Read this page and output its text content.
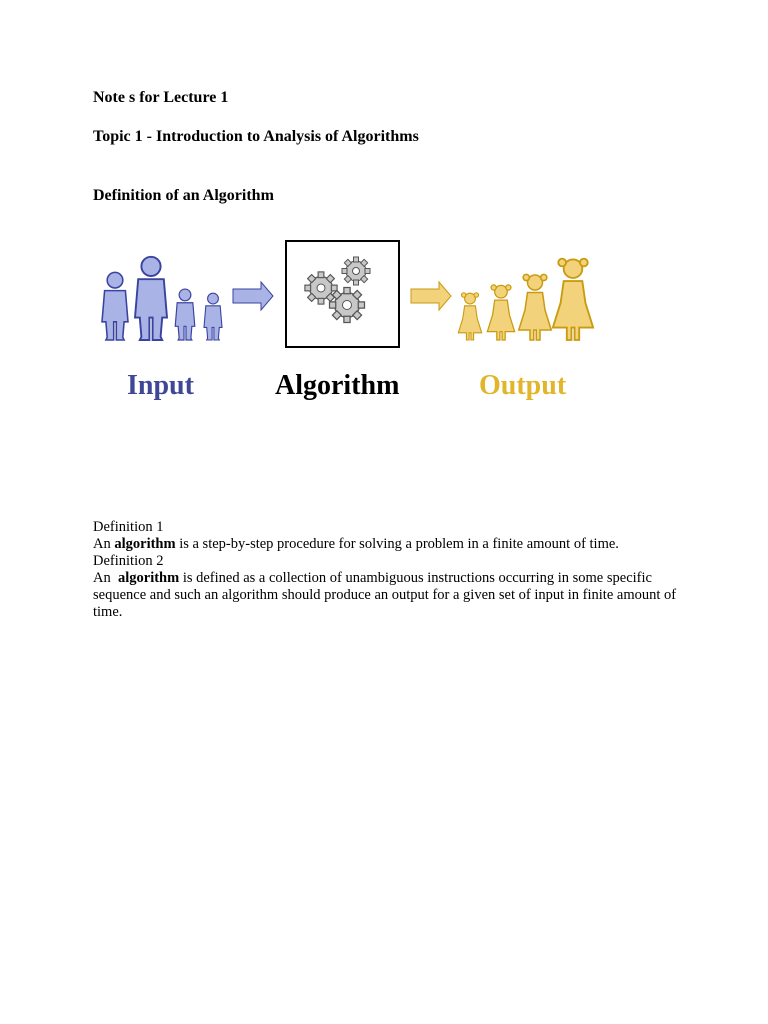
Note s for Lecture 1
Topic 1 - Introduction to Analysis of Algorithms
Definition of an Algorithm
Input	Algorithm	Output
Definition 1
An algorithm is a step-by-step procedure for solving a problem in a finite amount of time.
Definition 2
An  algorithm is defined as a collection of unambiguous instructions occurring in some specific sequence and such an algorithm should produce an output for a given set of input in finite amount of time.
